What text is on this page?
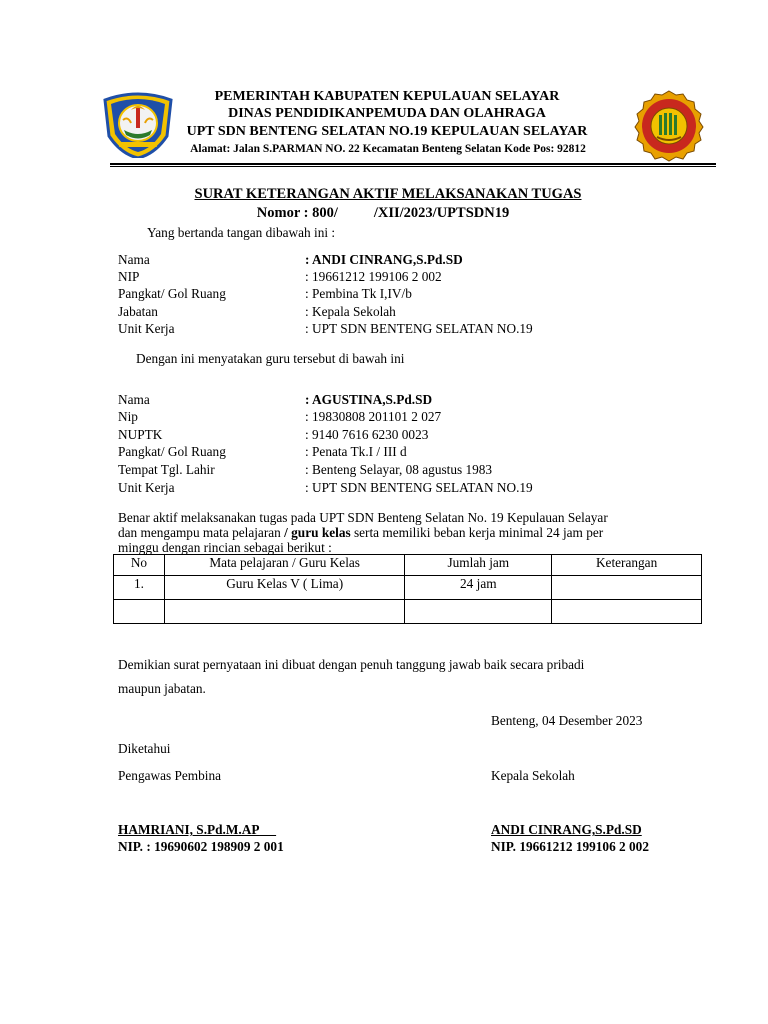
PEMERINTAH KABUPATEN KEPULAUAN SELAYAR
DINAS PENDIDIKANPEMUDA DAN OLAHRAGA
UPT SDN BENTENG SELATAN NO.19 KEPULAUAN SELAYAR
Alamat: Jalan S.PARMAN NO. 22 Kecamatan Benteng Selatan Kode Pos: 92812
SURAT KETERANGAN AKTIF MELAKSANAKAN TUGAS
Nomor : 800/ /XII/2023/UPTSDN19
Yang bertanda tangan dibawah ini :
Nama	: ANDI CINRANG,S.Pd.SD
NIP	: 19661212 199106 2 002
Pangkat/ Gol Ruang	: Pembina Tk I,IV/b
Jabatan	: Kepala Sekolah
Unit Kerja	: UPT SDN BENTENG SELATAN NO.19
Dengan ini menyatakan guru tersebut di bawah ini
Nama	: AGUSTINA,S.Pd.SD
Nip	: 19830808 201101 2 027
NUPTK	: 9140 7616 6230 0023
Pangkat/ Gol Ruang	: Penata Tk.I / III d
Tempat Tgl. Lahir	: Benteng Selayar, 08 agustus 1983
Unit Kerja	: UPT SDN BENTENG SELATAN NO.19
Benar aktif melaksanakan tugas pada UPT SDN Benteng Selatan No. 19 Kepulauan Selayar
dan mengampu mata pelajaran / guru kelas serta memiliki beban kerja minimal 24 jam per
minggu dengan rincian sebagai berikut :
No	Mata pelajaran / Guru Kelas	Jumlah jam	Keterangan
1.	Guru Kelas V ( Lima)	24 jam	

Demikian surat pernyataan ini dibuat dengan penuh tanggung jawab baik secara pribadi
maupun jabatan.
Benteng, 04 Desember 2023
Diketahui
Pengawas Pembina	Kepala Sekolah
HAMRIANI, S.Pd.M.AP	ANDI CINRANG,S.Pd.SD
NIP. : 19690602 198909 2 001	NIP. 19661212 199106 2 002
